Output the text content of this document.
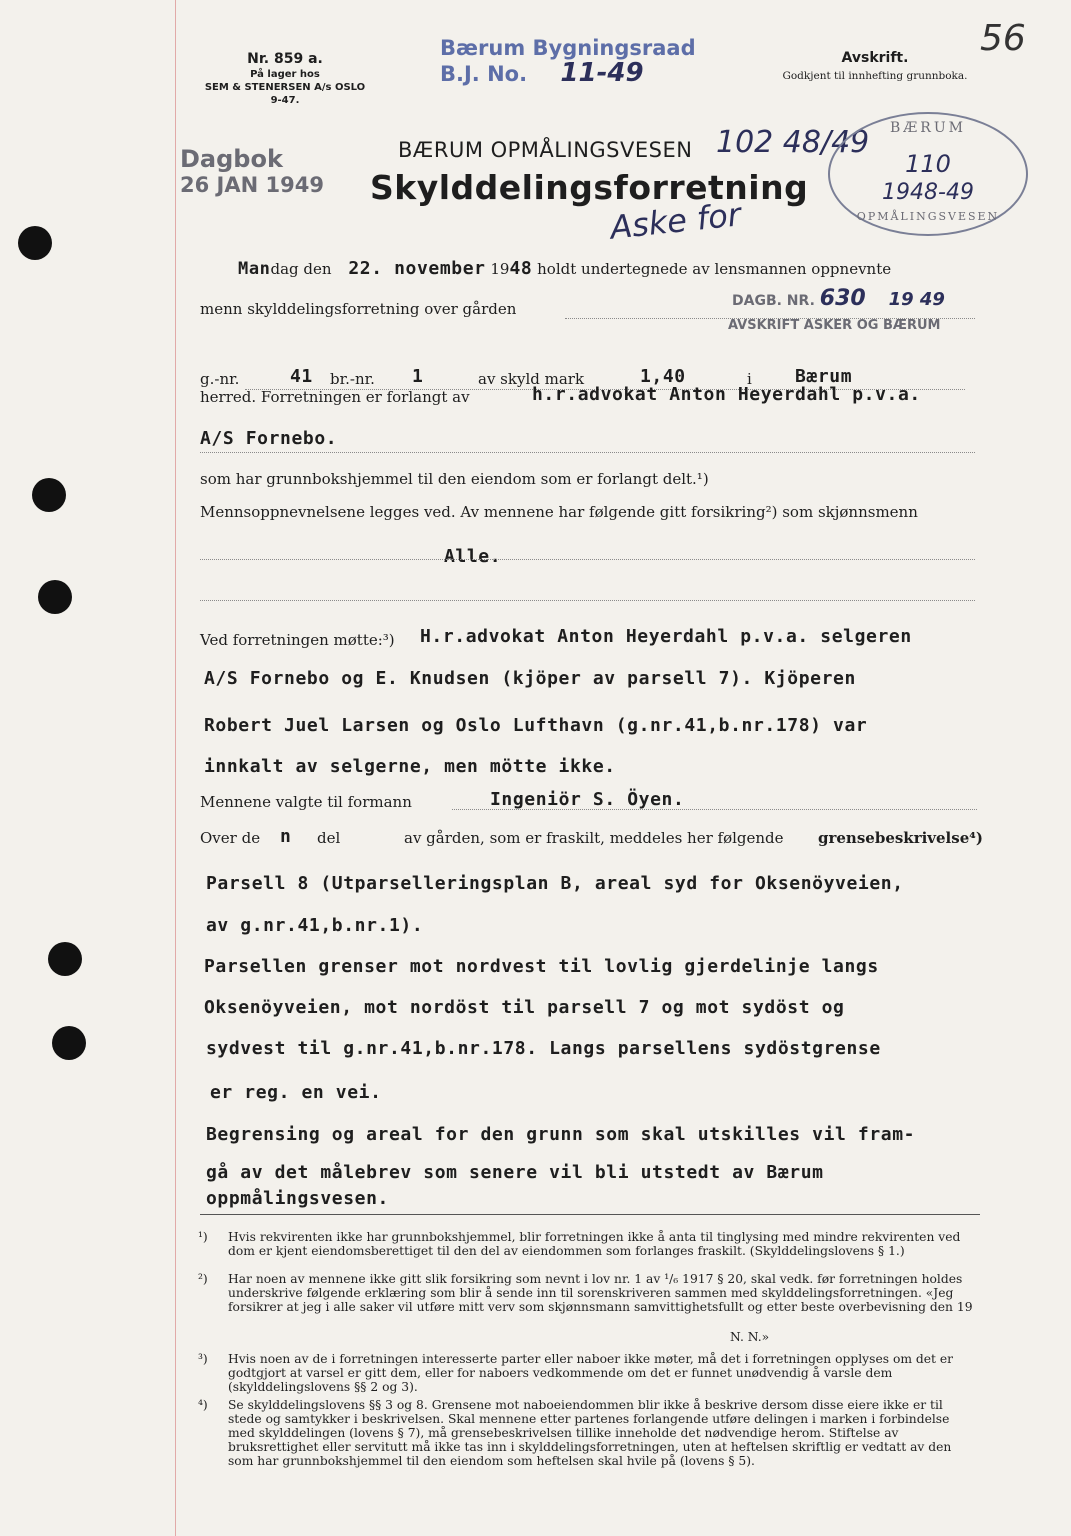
Nr. 859 a.
På lager hos
SEM & STENERSEN A/s OSLO
9-47.
Bærum Bygningsraad
B.J. No. 11-49	Avskrift.
Godkjent til innhefting grunnboka.
56
Dagbok
26 JAN 1949
BÆRUM OPMÅLINGSVESEN 102 48/49
Skylddelingsforretning
Aske for
BÆRUM
110
1948-49
OPMÅLINGSVESEN
Mandag den 22. november 1948 holdt undertegnede av lensmannen oppnevnte
menn skylddelingsforretning over gården	DAGB. NR. 630 19 49
AVSKRIFT ASKER OG BÆRUM
g.-nr.	41 br.-nr. 1	av skyld mark	1,40	i Bærum
herred. Forretningen er forlangt av	h.r.advokat Anton Heyerdahl p.v.a.
A/S Fornebo.
som har grunnbokshjemmel til den eiendom som er forlangt delt.¹)
Mennsoppnevnelsene legges ved. Av mennene har følgende gitt forsikring²) som skjønnsmenn
Alle.
Ved forretningen møtte:³) H.r.advokat Anton Heyerdahl p.v.a. selgeren
A/S Fornebo og E. Knudsen (kjöper av parsell 7). Kjöperen
Robert Juel Larsen og Oslo Lufthavn (g.nr.41,b.nr.178) var
innkalt av selgerne, men mötte ikke.
Mennene valgte til formann	Ingeniör S. Öyen.
Over de n del	av gården, som er fraskilt, meddeles her følgende grensebeskrivelse⁴)
Parsell 8 (Utparselleringsplan B, areal syd for Oksenöyveien,
av g.nr.41,b.nr.1).
Parsellen grenser mot nordvest til lovlig gjerdelinje langs
Oksenöyveien, mot nordöst til parsell 7 og mot sydöst og
sydvest til g.nr.41,b.nr.178. Langs parsellens sydöstgrense
er reg. en vei.
Begrensing og areal for den grunn som skal utskilles vil fram-
gå av det målebrev som senere vil bli utstedt av Bærum
oppmålingsvesen.
¹) Hvis rekvirenten ikke har grunnbokshjemmel, blir forretningen ikke å anta til tinglysing med mindre rekvirenten ved dom er kjent eiendomsberettiget til den del av eiendommen som forlanges fraskilt. (Skylddelingslovens § 1.)
²) Har noen av mennene ikke gitt slik forsikring som nevnt i lov nr. 1 av ¹/₆ 1917 § 20, skal vedk. før forretningen holdes underskrive følgende erklæring som blir å sende inn til sorenskriveren sammen med skylddelingsforretningen. «Jeg forsikrer at jeg i alle saker vil utføre mitt verv som skjønnsmann samvittighetsfullt og etter beste overbevisning den 19
N. N.»
³) Hvis noen av de i forretningen interesserte parter eller naboer ikke møter, må det i forretningen opplyses om det er godtgjort at varsel er gitt dem, eller for naboers vedkommende om det er funnet unødvendig å varsle dem (skylddelingslovens §§ 2 og 3).
⁴) Se skylddelingslovens §§ 3 og 8. Grensene mot naboeiendommen blir ikke å beskrive dersom disse eiere ikke er til stede og samtykker i beskrivelsen. Skal mennene etter partenes forlangende utføre delingen i marken i forbindelse med skylddelingen (lovens § 7), må grensebeskrivelsen tillike inneholde det nødvendige herom. Stiftelse av bruksrettighet eller servitutt må ikke tas inn i skylddelingsforretningen, uten at heftelsen skriftlig er vedtatt av den som har grunnbokshjemmel til den eiendom som heftelsen skal hvile på (lovens § 5).
